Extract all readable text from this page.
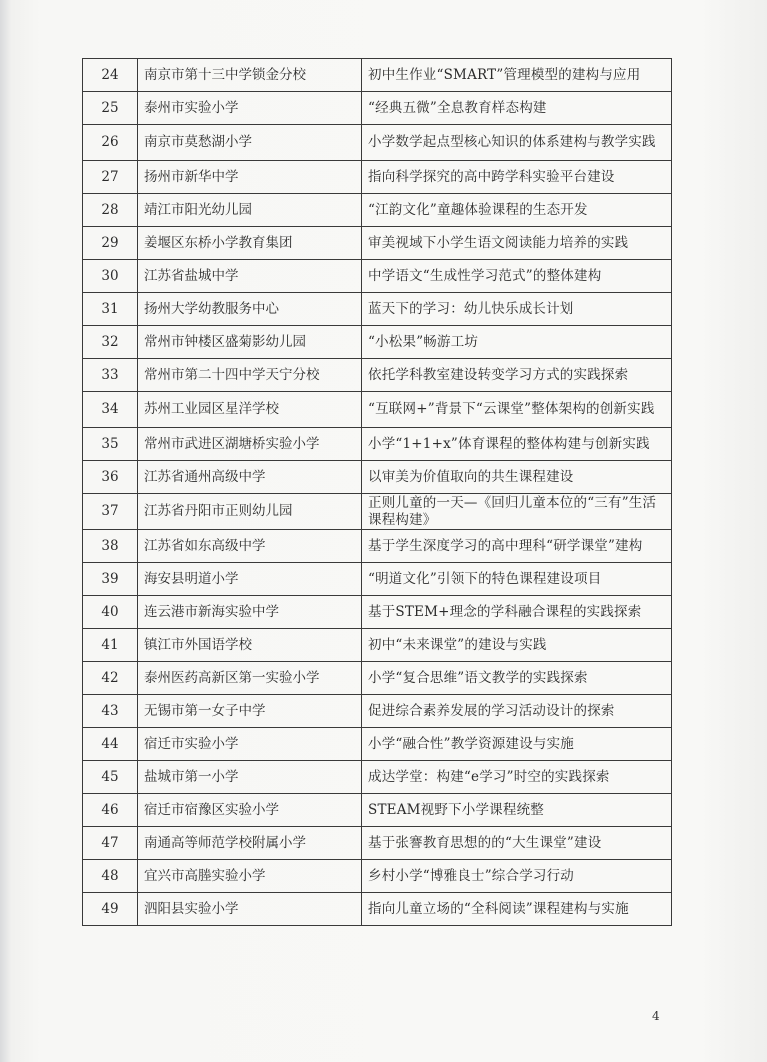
24	南京市第十三中学锁金分校	初中生作业“SMART”管理模型的建构与应用
25	泰州市实验小学	“经典五微”全息教育样态构建
26	南京市莫愁湖小学	小学数学起点型核心知识的体系建构与教学实践
27	扬州市新华中学	指向科学探究的高中跨学科实验平台建设
28	靖江市阳光幼儿园	“江韵文化”童趣体验课程的生态开发
29	姜堰区东桥小学教育集团	审美视域下小学生语文阅读能力培养的实践
30	江苏省盐城中学	中学语文“生成性学习范式”的整体建构
31	扬州大学幼教服务中心	蓝天下的学习：幼儿快乐成长计划
32	常州市钟楼区盛菊影幼儿园	“小松果”畅游工坊
33	常州市第二十四中学天宁分校	依托学科教室建设转变学习方式的实践探索
34	苏州工业园区星洋学校	“互联网+”背景下“云课堂”整体架构的创新实践
35	常州市武进区湖塘桥实验小学	小学“1+1+x”体育课程的整体构建与创新实践
36	江苏省通州高级中学	以审美为价值取向的共生课程建设
37	江苏省丹阳市正则幼儿园	正则儿童的一天—《回归儿童本位的“三有”生活课程构建》
38	江苏省如东高级中学	基于学生深度学习的高中理科“研学课堂”建构
39	海安县明道小学	“明道文化”引领下的特色课程建设项目
40	连云港市新海实验中学	基于STEM+理念的学科融合课程的实践探索
41	镇江市外国语学校	初中“未来课堂”的建设与实践
42	泰州医药高新区第一实验小学	小学“复合思维”语文教学的实践探索
43	无锡市第一女子中学	促进综合素养发展的学习活动设计的探索
44	宿迁市实验小学	小学“融合性”教学资源建设与实施
45	盐城市第一小学	成达学堂：构建“e学习”时空的实践探索
46	宿迁市宿豫区实验小学	STEAM视野下小学课程统整
47	南通高等师范学校附属小学	基于张謇教育思想的的“大生课堂”建设
48	宜兴市高塍实验小学	乡村小学“博雅良士”综合学习行动
49	泗阳县实验小学	指向儿童立场的“全科阅读”课程建构与实施
4
